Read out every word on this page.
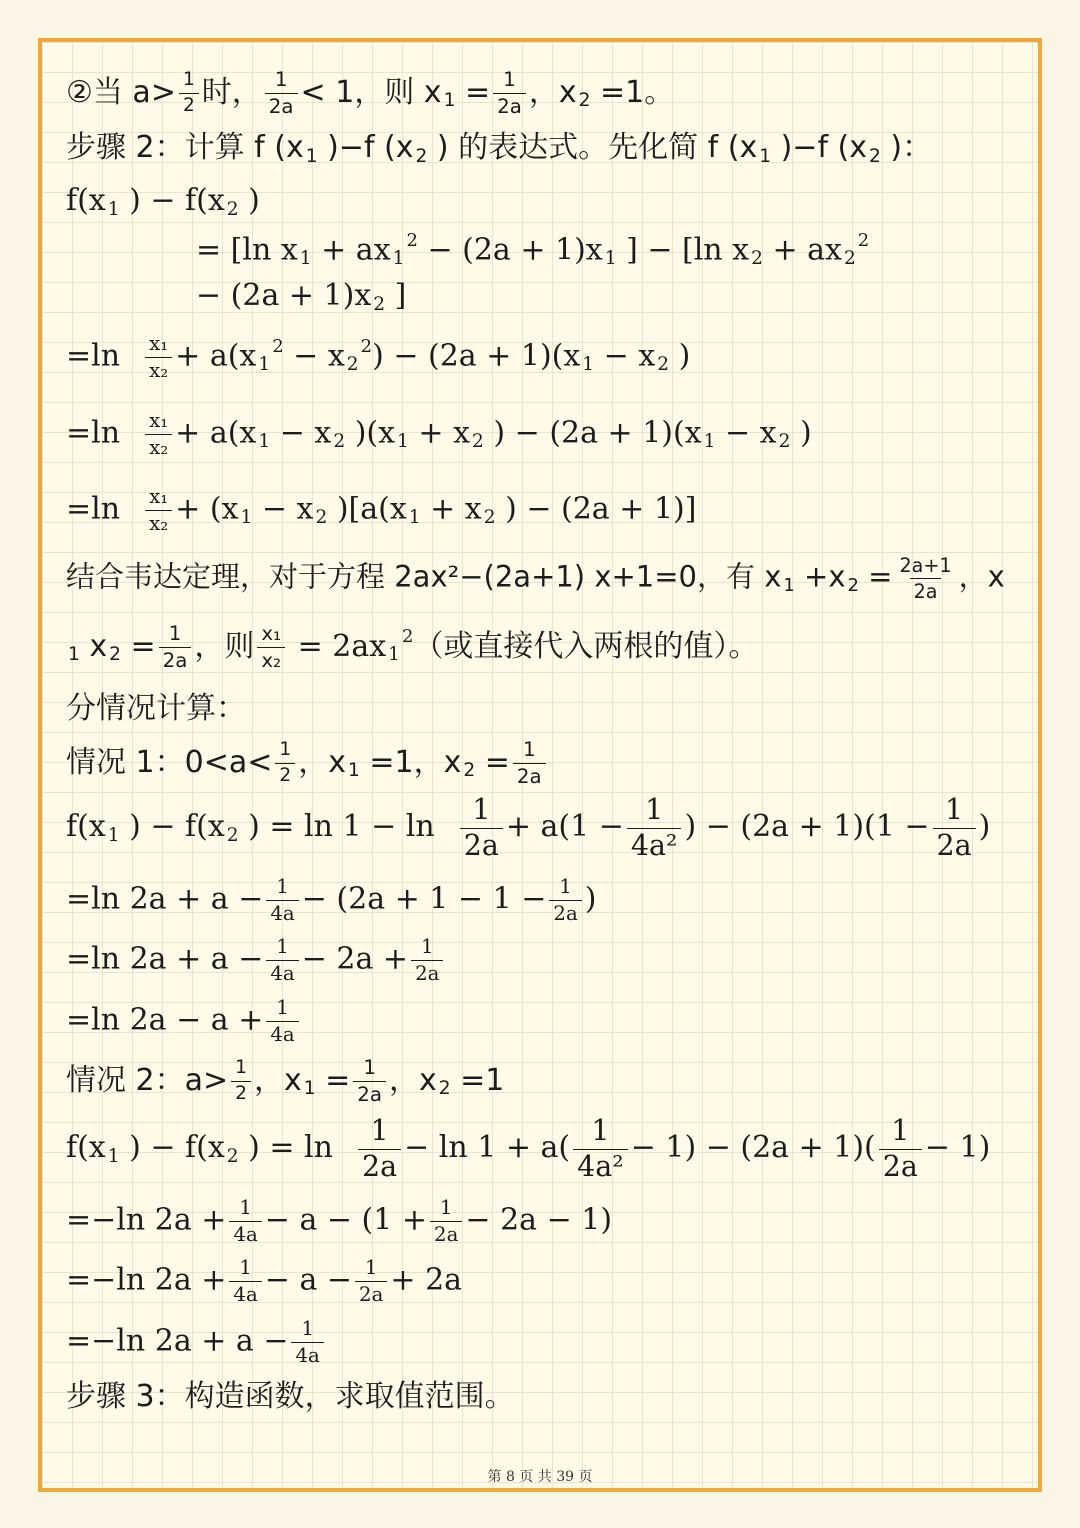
②当 $a> \frac{1}{2}$ 时， $\frac{1}{2a} < 1$，则 x $_1 = \frac{1}{2a}$ ，x $_2$ =1。
步骤 2：计算 f (x $_1$ )−f (x $_2$ ) 的表达式。先化简 f (x $_1$ )−f (x $_2$ )：
f(x $_1$ ) − f(x $_2$ )
= [ln x $_1$ + ax $_1^2$ − (2a + 1)x $_1$ ] − [ln x $_2$ + ax $_2^2$
− (2a + 1)x $_2$ ]
$=\ln \frac{\text{x₁}}{\text{x₂}} + a(x$ $_1^2$ − x $_2^2$) − (2a + 1)(x $_1$ − x $_2$ )
$=\ln \frac{\text{x₁}}{\text{x₂}} + a(x$ $_1$ − x $_2$ )(x $_1$ + x $_2$ ) − (2a + 1)(x $_1$ − x $_2$ )
$=\ln \frac{\text{x₁}}{\text{x₂}} + (x$ $_1$ − x $_2$ )[a(x $_1$ + x $_2$ ) − (2a + 1)]
结合韦达定理，对于方程 2ax²−(2a+1) x+1=0，有 x $_1$ +x $_2 = \frac{2a+1}{2a}$ ，x
$_1$ x $_2 = \frac{1}{2a}$ ，则 $\frac{\text{x₁}}{\text{x₂}} = 2ax$ $_1^2$（或直接代入两根的值）。
分情况计算：
情况 1：$0<a< \frac{1}{2}$ ，x $_1$ =1，x $_2 = \frac{1}{2a}$
f(x $_1$ ) − f(x $_2$ ) = $\ln 1 - \ln \frac{1}{2a} + a(1 - \frac{1}{\text{4a²}}$ ) − $(2a + 1)(1 - \frac{1}{2a}$ )
=ln $2a + a - \frac{1}{4a} - (2a + 1 - 1 - \frac{1}{2a}$ )
=ln $2a + a - \frac{1}{4a} - 2a + \frac{1}{2a}$
=ln $2a - a + \frac{1}{4a}$
情况 2：$a> \frac{1}{2}$ ，x $_1 = \frac{1}{2a}$ ，x $_2$ =1
f(x $_1$ ) − f(x $_2$ ) = $\ln \frac{1}{2a} - \ln 1 + a( \frac{1}{\text{4a²}} - 1) - (2a + 1)( \frac{1}{2a} - 1)$
=−ln $2a + \frac{1}{4a} - a - (1 + \frac{1}{2a} - 2a - 1)$
=−ln $2a + \frac{1}{4a} - a - \frac{1}{2a} + 2a$
=−ln $2a + a - \frac{1}{4a}$
步骤 3：构造函数，求取值范围。
第 8 页 共 39 页
